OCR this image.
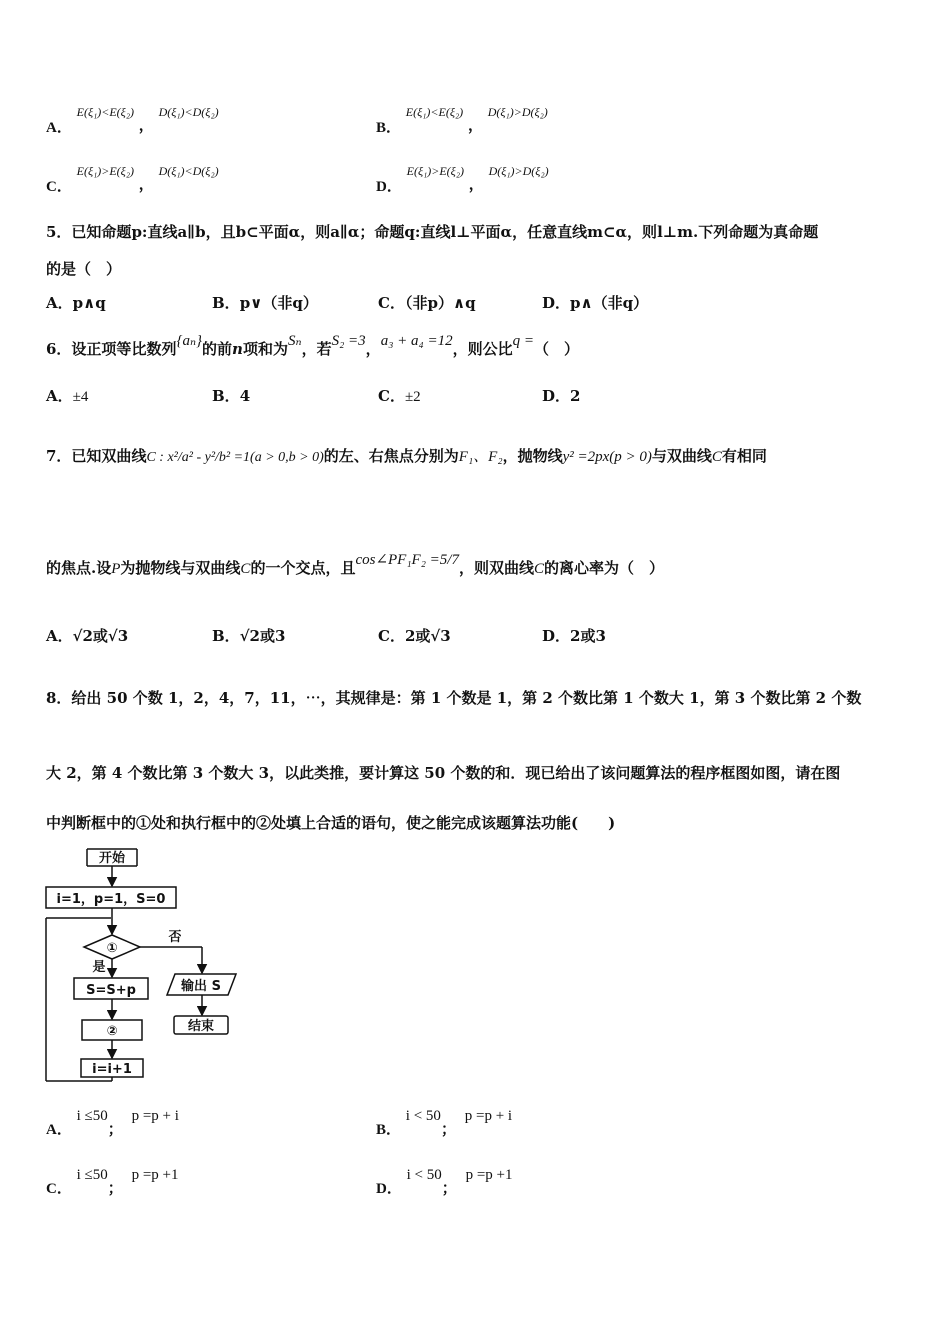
A． E(ξ₁)<E(ξ₂) ， D(ξ₁)<D(ξ₂)
B． E(ξ₁)<E(ξ₂) ， D(ξ₁)>D(ξ₂)
C． E(ξ₁)>E(ξ₂) ， D(ξ₁)<D(ξ₂)
D． E(ξ₁)>E(ξ₂) ， D(ξ₁)>D(ξ₂)
5．已知命题p:直线a∥b，且b⊂平面α，则a∥α；命题q:直线l⊥平面α，任意直线m⊂α，则l⊥m.下列命题为真命题
的是（　）
A．p∧q	B．p∨（非q）	C．（非p）∧q	D．p∧（非q）
6．设正项等比数列{aₙ}的前n项和为Sₙ，若S₂ =3，a₃ + a₄ =12，则公比q =（　）
A．±4	B．4	C．±2	D．2
7．已知双曲线C : x²/a² - y²/b² =1(a > 0,b > 0)的左、右焦点分别为F₁、F₂，抛物线y² =2px(p > 0)与双曲线C有相同
的焦点.设P为抛物线与双曲线C的一个交点，且cos∠PF₁F₂ =5/7，则双曲线C的离心率为（　）
A．√2或√3	B．√2或3	C．2或√3	D．2或3
8．给出 50 个数 1，2，4，7，11，⋯，其规律是：第 1 个数是 1，第 2 个数比第 1 个数大 1，第 3 个数比第 2 个数
大 2，第 4 个数比第 3 个数大 3，以此类推，要计算这 50 个数的和．现已给出了该问题算法的程序框图如图，请在图
中判断框中的①处和执行框中的②处填上合适的语句，使之能完成该题算法功能(　　)
开始
i=1，p=1，S=0
①
否
是
S=S+p
②
i=i+1
输出 S
结束
A． i ≤50； p =p + i
B． i < 50； p =p + i
C． i ≤50； p =p +1
D． i < 50； p =p +1
